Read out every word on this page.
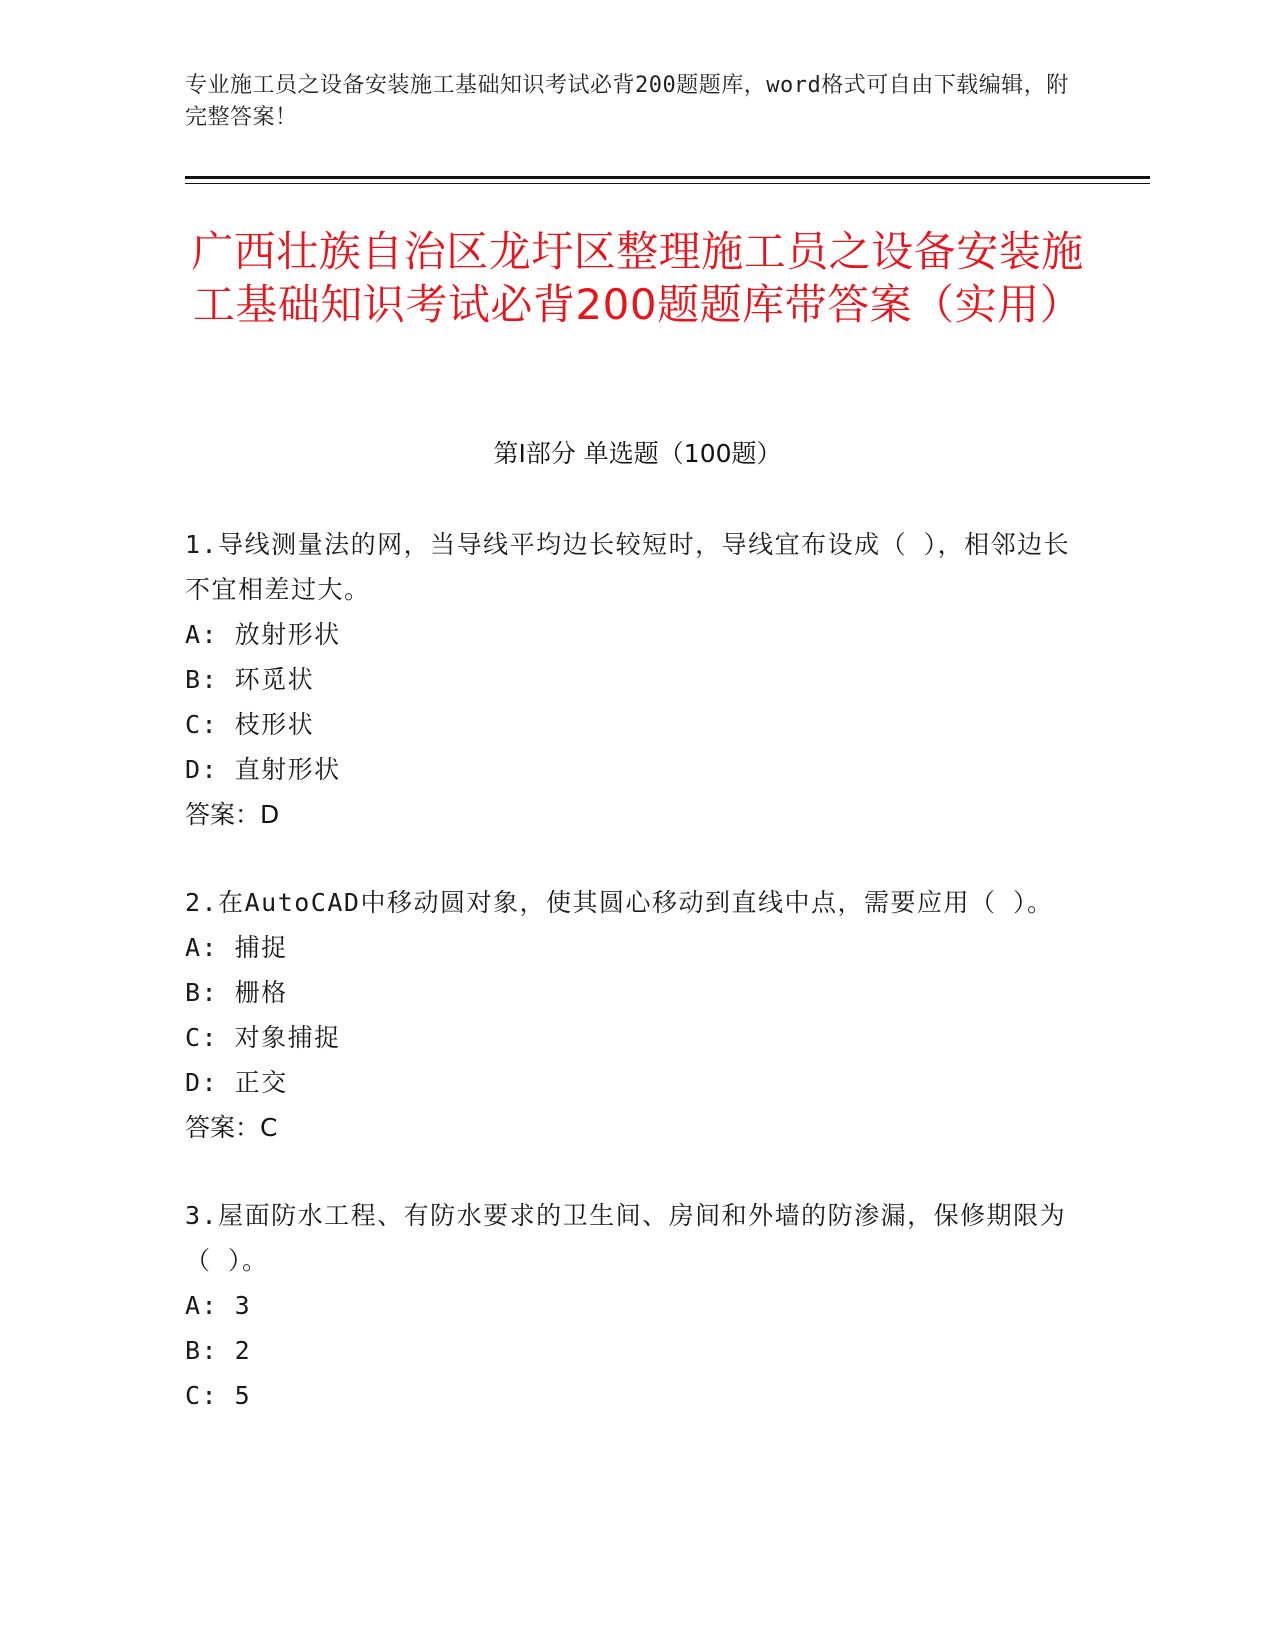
专业施工员之设备安装施工基础知识考试必背200题题库，word格式可自由下载编辑，附完整答案！
广西壮族自治区龙圩区整理施工员之设备安装施工基础知识考试必背200题题库带答案（实用）
第I部分 单选题（100题）
1.导线测量法的网，当导线平均边长较短时，导线宜布设成（ ），相邻边长不宜相差过大。
A: 放射形状
B: 环觅状
C: 枝形状
D: 直射形状
答案：D
2.在AutoCAD中移动圆对象，使其圆心移动到直线中点，需要应用（ ）。
A: 捕捉
B: 栅格
C: 对象捕捉
D: 正交
答案：C
3.屋面防水工程、有防水要求的卫生间、房间和外墙的防渗漏，保修期限为（ ）。
A: 3
B: 2
C: 5
